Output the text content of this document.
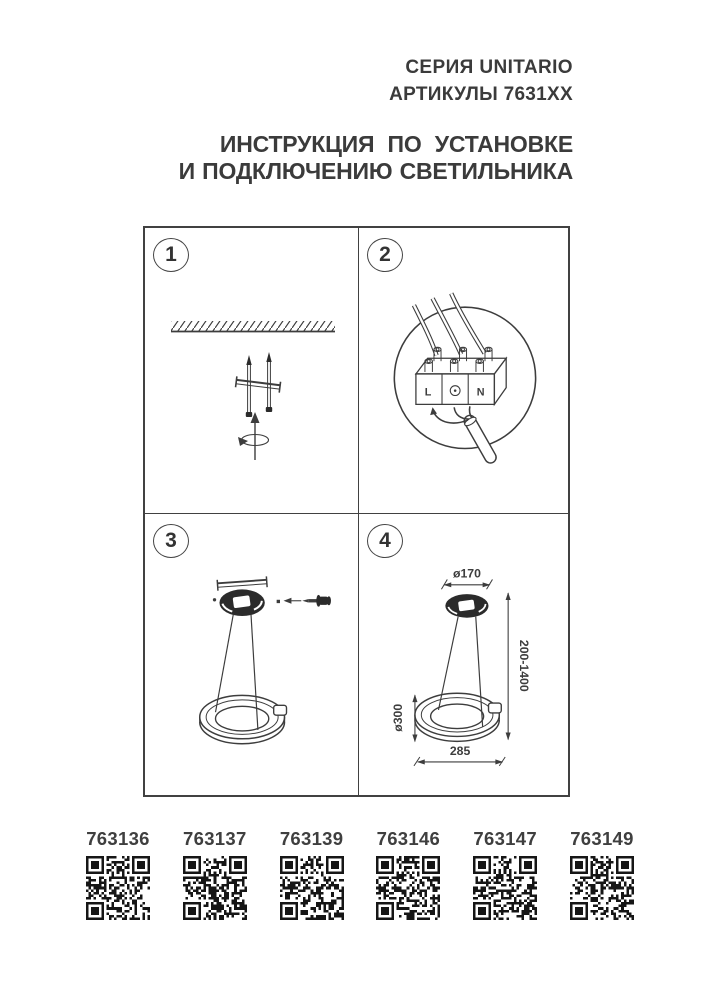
СЕРИЯ UNITARIO
АРТИКУЛЫ 7631XX
ИНСТРУКЦИЯ ПО УСТАНОВКЕ
И ПОДКЛЮЧЕНИЮ СВЕТИЛЬНИКА
1	2
L	N
3	4
ø170
200-1400
ø300
285
763136	763137	763139	763146	763147	763149
